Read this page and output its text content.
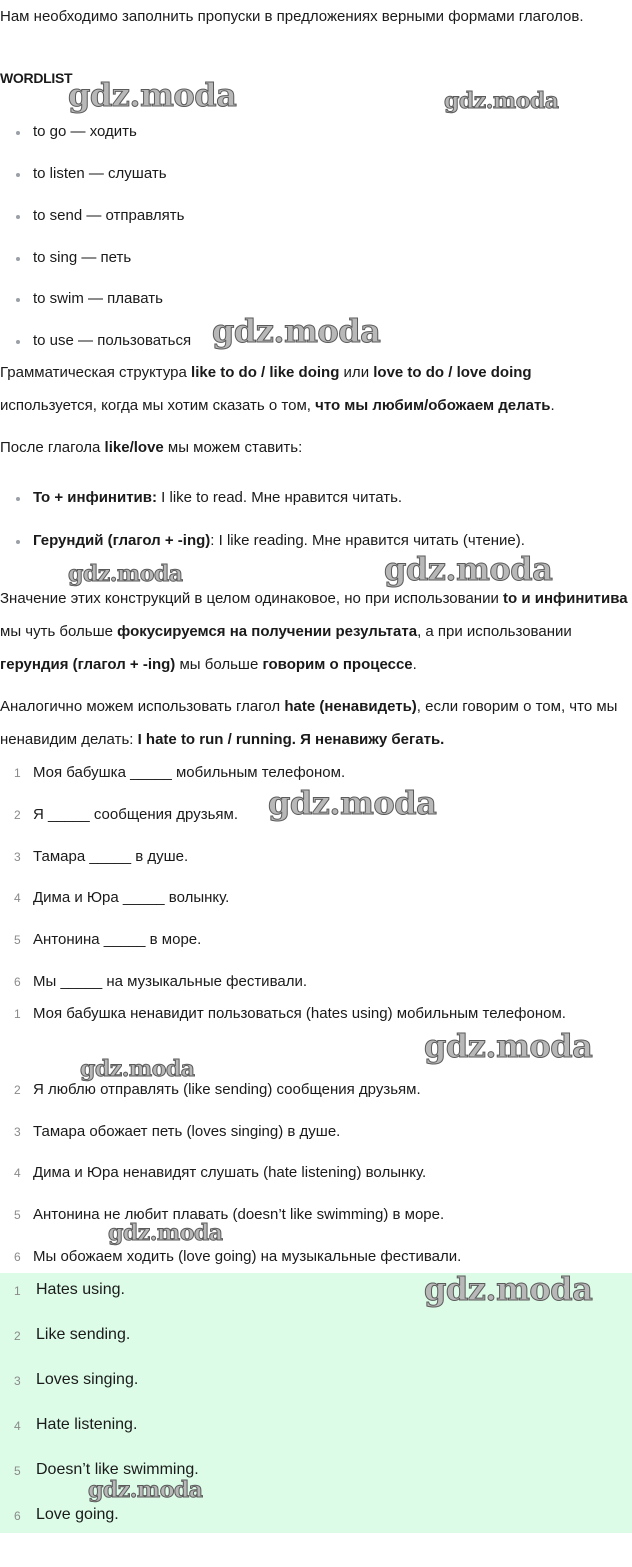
Нам необходимо заполнить пропуски в предложениях верными формами глаголов.

WORDLIST
to go — ходить
to listen — слушать
to send — отправлять
to sing — петь
to swim — плавать
to use — пользоваться

Грамматическая структура like to do / like doing или love to do / love doing используется, когда мы хотим сказать о том, что мы любим/обожаем делать.

После глагола like/love мы можем ставить:

To + инфинитив: I like to read. Мне нравится читать.
Герундий (глагол + -ing): I like reading. Мне нравится читать (чтение).

Значение этих конструкций в целом одинаковое, но при использовании to и инфинитива мы чуть больше фокусируемся на получении результата, а при использовании герундия (глагол + -ing) мы больше говорим о процессе.

Аналогично можем использовать глагол hate (ненавидеть), если говорим о том, что мы ненавидим делать: I hate to run / running. Я ненавижу бегать.

1 Моя бабушка _____ мобильным телефоном.
2 Я _____ сообщения друзьям.
3 Тамара _____ в душе.
4 Дима и Юра _____ волынку.
5 Антонина _____ в море.
6 Мы _____ на музыкальные фестивали.
1 Моя бабушка ненавидит пользоваться (hates using) мобильным телефоном.
2 Я люблю отправлять (like sending) сообщения друзьям.
3 Тамара обожает петь (loves singing) в душе.
4 Дима и Юра ненавидят слушать (hate listening) волынку.
5 Антонина не любит плавать (doesn’t like swimming) в море.
6 Мы обожаем ходить (love going) на музыкальные фестивали.
1 Hates using.
2 Like sending.
3 Loves singing.
4 Hate listening.
5 Doesn’t like swimming.
6 Love going.
gdz.moda	gdz.moda
gdz.moda
gdz.moda	gdz.moda
gdz.moda
gdz.moda
gdz.moda
gdz.moda
gdz.moda
gdz.moda
